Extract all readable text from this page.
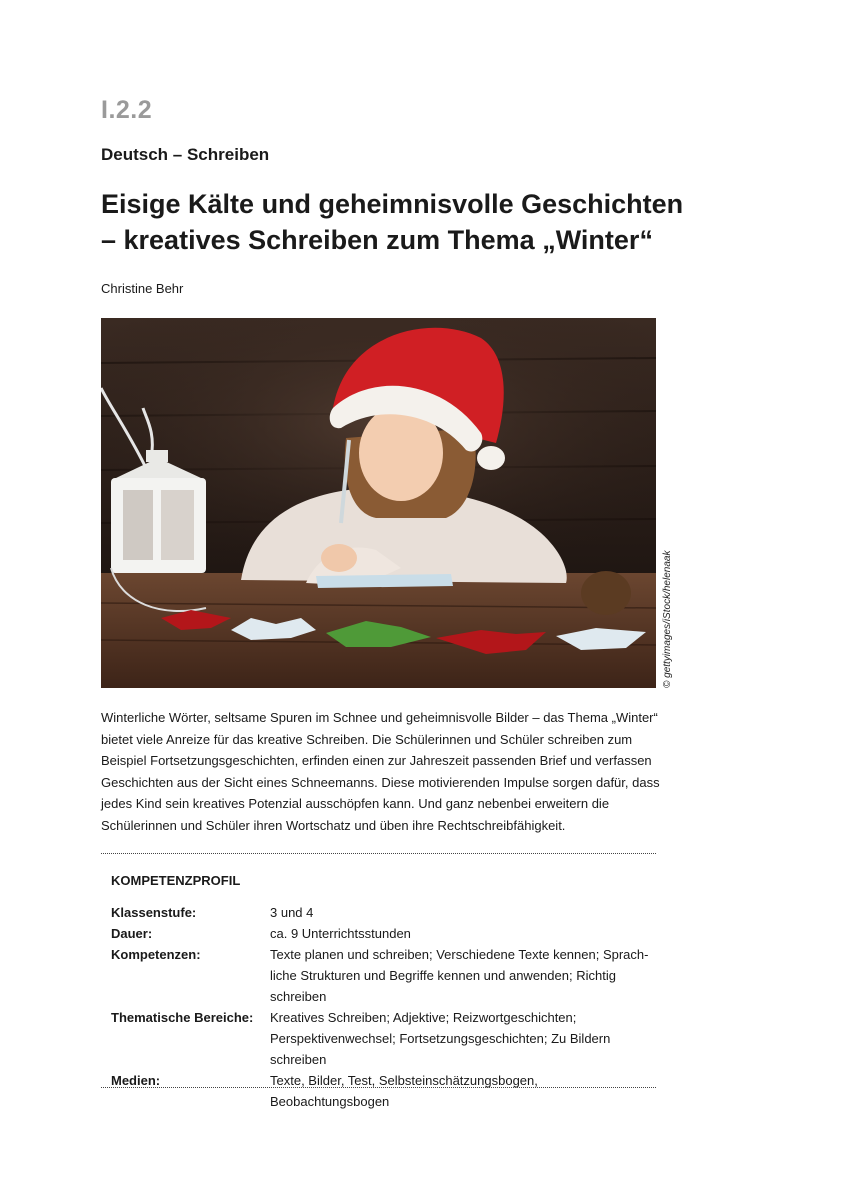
I.2.2
Deutsch – Schreiben
Eisige Kälte und geheimnisvolle Geschichten
– kreatives Schreiben zum Thema „Winter“
Christine Behr
© gettyimages/iStock/helenaak

Winterliche Wörter, seltsame Spuren im Schnee und geheimnisvolle Bilder – das Thema „Winter“ bietet viele Anreize für das kreative Schreiben. Die Schülerinnen und Schüler schreiben zum Beispiel Fortsetzungsgeschichten, erfinden einen zur Jahreszeit passenden Brief und verfassen Geschichten aus der Sicht eines Schneemanns. Diese motivierenden Impulse sorgen dafür, dass jedes Kind sein kreatives Potenzial ausschöpfen kann. Und ganz nebenbei erweitern die Schülerinnen und Schüler ihren Wortschatz und üben ihre Rechtschreibfähigkeit.

KOMPETENZPROFIL
Klassenstufe:	3 und 4
Dauer:	ca. 9 Unterrichtsstunden
Kompetenzen:	Texte planen und schreiben; Verschiedene Texte kennen; Sprachliche Strukturen und Begriffe kennen und anwenden; Richtig schreiben
Thematische Bereiche:	Kreatives Schreiben; Adjektive; Reizwortgeschichten; Perspektivenwechsel; Fortsetzungsgeschichten; Zu Bildern schreiben
Medien:	Texte, Bilder, Test, Selbsteinschätzungsbogen, Beobachtungsbogen
